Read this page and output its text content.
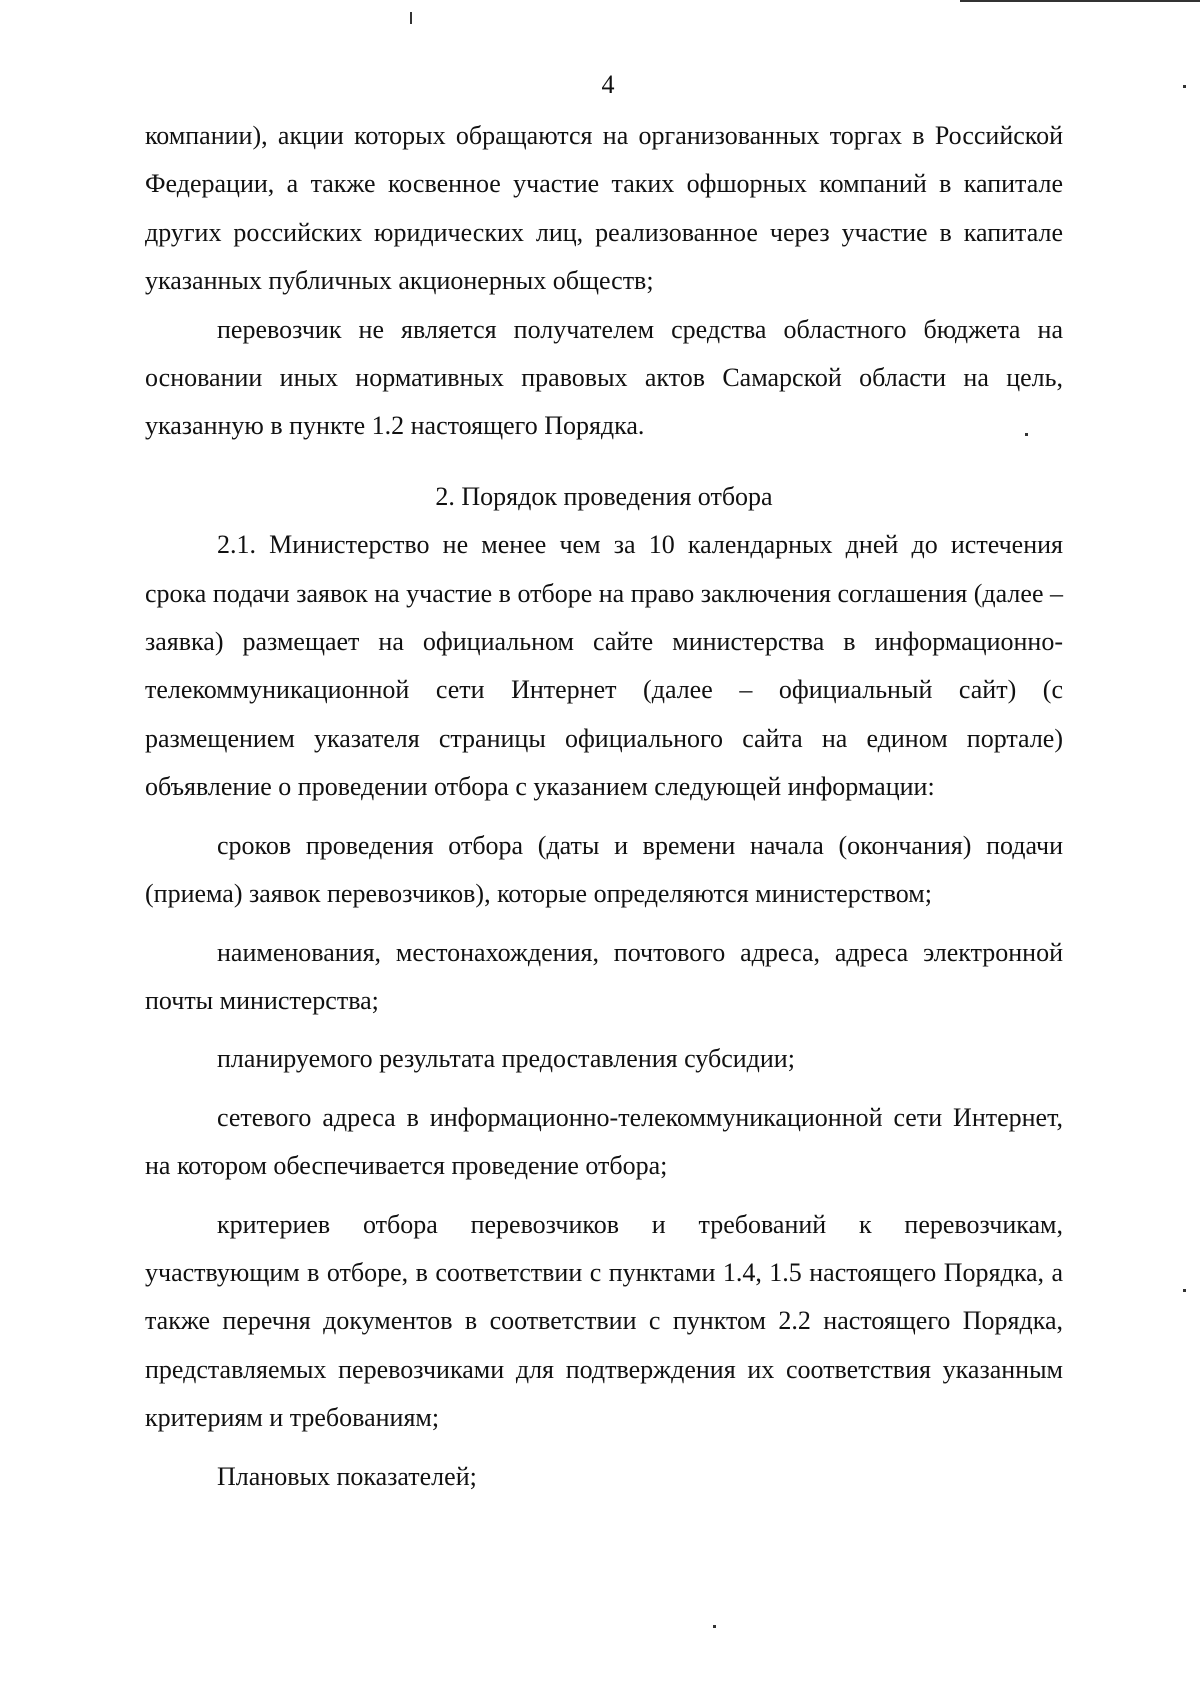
4

компании), акции которых обращаются на организованных торгах в Российской Федерации, а также косвенное участие таких офшорных компаний в капитале других российских юридических лиц, реализованное через участие в капитале указанных публичных акционерных обществ;

перевозчик не является получателем средства областного бюджета на основании иных нормативных правовых актов Самарской области на цель, указанную в пункте 1.2 настоящего Порядка.

2. Порядок проведения отбора

2.1. Министерство не менее чем за 10 календарных дней до истечения срока подачи заявок на участие в отборе на право заключения соглашения (далее – заявка) размещает на официальном сайте министерства в информационно-телекоммуникационной сети Интернет (далее – официальный сайт) (с размещением указателя страницы официального сайта на едином портале) объявление о проведении отбора с указанием следующей информации:

сроков проведения отбора (даты и времени начала (окончания) подачи (приема) заявок перевозчиков), которые определяются министерством;

наименования, местонахождения, почтового адреса, адреса электронной почты министерства;

планируемого результата предоставления субсидии;

сетевого адреса в информационно-телекоммуникационной сети Интернет, на котором обеспечивается проведение отбора;

критериев отбора перевозчиков и требований к перевозчикам, участвующим в отборе, в соответствии с пунктами 1.4, 1.5 настоящего Порядка, а также перечня документов в соответствии с пунктом 2.2 настоящего Порядка, представляемых перевозчиками для подтверждения их соответствия указанным критериям и требованиям;

Плановых показателей;
